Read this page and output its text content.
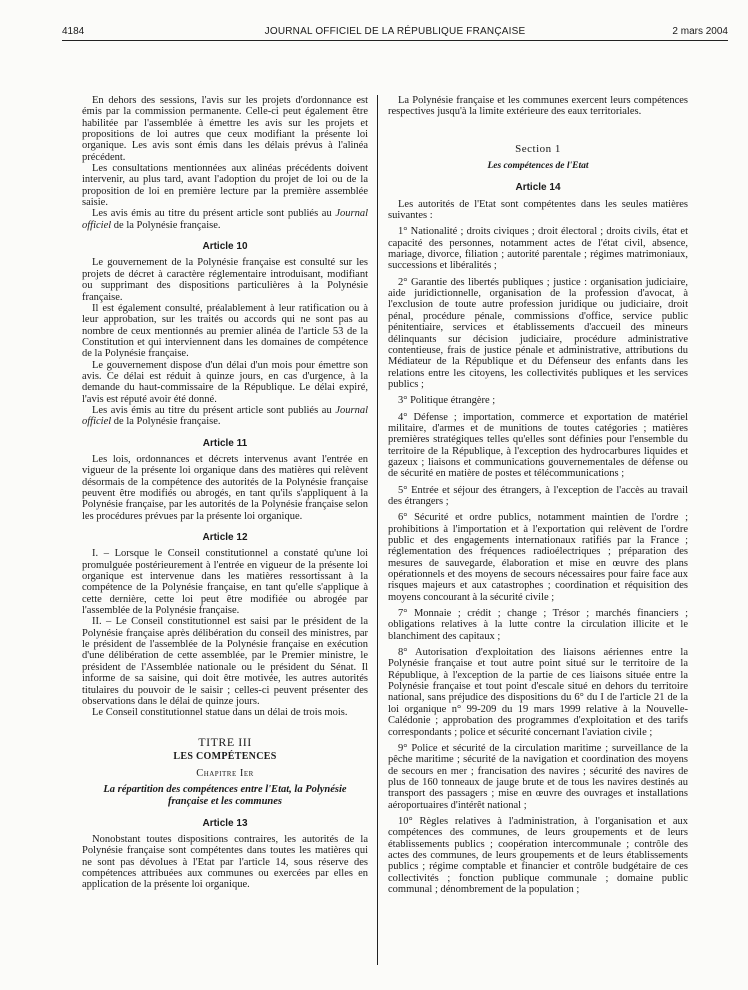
4184	JOURNAL OFFICIEL DE LA RÉPUBLIQUE FRANÇAISE	2 mars 2004

En dehors des sessions, l'avis sur les projets d'ordonnance est émis par la commission permanente. Celle-ci peut également être habilitée par l'assemblée à émettre les avis sur les projets et propositions de loi autres que ceux modifiant la présente loi organique. Les avis sont émis dans les délais prévus à l'alinéa précédent.

Les consultations mentionnées aux alinéas précédents doivent intervenir, au plus tard, avant l'adoption du projet de loi ou de la proposition de loi en première lecture par la première assemblée saisie.

Les avis émis au titre du présent article sont publiés au Journal officiel de la Polynésie française.

Article 10

Le gouvernement de la Polynésie française est consulté sur les projets de décret à caractère réglementaire introduisant, modifiant ou supprimant des dispositions particulières à la Polynésie française.

Il est également consulté, préalablement à leur ratification ou à leur approbation, sur les traités ou accords qui ne sont pas au nombre de ceux mentionnés au premier alinéa de l'article 53 de la Constitution et qui interviennent dans les domaines de compétence de la Polynésie française.

Le gouvernement dispose d'un délai d'un mois pour émettre son avis. Ce délai est réduit à quinze jours, en cas d'urgence, à la demande du haut-commissaire de la République. Le délai expiré, l'avis est réputé avoir été donné.

Les avis émis au titre du présent article sont publiés au Journal officiel de la Polynésie française.

Article 11

Les lois, ordonnances et décrets intervenus avant l'entrée en vigueur de la présente loi organique dans des matières qui relèvent désormais de la compétence des autorités de la Polynésie française peuvent être modifiés ou abrogés, en tant qu'ils s'appliquent à la Polynésie française, par les autorités de la Polynésie française selon les procédures prévues par la présente loi organique.

Article 12

I. – Lorsque le Conseil constitutionnel a constaté qu'une loi promulguée postérieurement à l'entrée en vigueur de la présente loi organique est intervenue dans les matières ressortissant à la compétence de la Polynésie française, en tant qu'elle s'applique à cette dernière, cette loi peut être modifiée ou abrogée par l'assemblée de la Polynésie française.

II. – Le Conseil constitutionnel est saisi par le président de la Polynésie française après délibération du conseil des ministres, par le président de l'assemblée de la Polynésie française en exécution d'une délibération de cette assemblée, par le Premier ministre, le président de l'Assemblée nationale ou le président du Sénat. Il informe de sa saisine, qui doit être motivée, les autres autorités titulaires du pouvoir de le saisir ; celles-ci peuvent présenter des observations dans le délai de quinze jours.

Le Conseil constitutionnel statue dans un délai de trois mois.

TITRE III
LES COMPÉTENCES
Chapitre Ier
La répartition des compétences entre l'Etat, la Polynésie française et les communes
Article 13

Nonobstant toutes dispositions contraires, les autorités de la Polynésie française sont compétentes dans toutes les matières qui ne sont pas dévolues à l'Etat par l'article 14, sous réserve des compétences attribuées aux communes ou exercées par elles en application de la présente loi organique.

La Polynésie française et les communes exercent leurs compétences respectives jusqu'à la limite extérieure des eaux territoriales.

Section 1
Les compétences de l'Etat
Article 14

Les autorités de l'Etat sont compétentes dans les seules matières suivantes :

1° Nationalité ; droits civiques ; droit électoral ; droits civils, état et capacité des personnes, notamment actes de l'état civil, absence, mariage, divorce, filiation ; autorité parentale ; régimes matrimoniaux, successions et libéralités ;

2° Garantie des libertés publiques ; justice : organisation judiciaire, aide juridictionnelle, organisation de la profession d'avocat, à l'exclusion de toute autre profession juridique ou judiciaire, droit pénal, procédure pénale, commissions d'office, service public pénitentiaire, services et établissements d'accueil des mineurs délinquants sur décision judiciaire, procédure administrative contentieuse, frais de justice pénale et administrative, attributions du Médiateur de la République et du Défenseur des enfants dans les relations entre les citoyens, les collectivités publiques et les services publics ;

3° Politique étrangère ;

4° Défense ; importation, commerce et exportation de matériel militaire, d'armes et de munitions de toutes catégories ; matières premières stratégiques telles qu'elles sont définies pour l'ensemble du territoire de la République, à l'exception des hydrocarbures liquides et gazeux ; liaisons et communications gouvernementales de défense ou de sécurité en matière de postes et télécommunications ;

5° Entrée et séjour des étrangers, à l'exception de l'accès au travail des étrangers ;

6° Sécurité et ordre publics, notamment maintien de l'ordre ; prohibitions à l'importation et à l'exportation qui relèvent de l'ordre public et des engagements internationaux ratifiés par la France ; réglementation des fréquences radioélectriques ; préparation des mesures de sauvegarde, élaboration et mise en œuvre des plans opérationnels et des moyens de secours nécessaires pour faire face aux risques majeurs et aux catastrophes ; coordination et réquisition des moyens concourant à la sécurité civile ;

7° Monnaie ; crédit ; change ; Trésor ; marchés financiers ; obligations relatives à la lutte contre la circulation illicite et le blanchiment des capitaux ;

8° Autorisation d'exploitation des liaisons aériennes entre la Polynésie française et tout autre point situé sur le territoire de la République, à l'exception de la partie de ces liaisons située entre la Polynésie française et tout point d'escale situé en dehors du territoire national, sans préjudice des dispositions du 6° du I de l'article 21 de la loi organique n° 99-209 du 19 mars 1999 relative à la Nouvelle-Calédonie ; approbation des programmes d'exploitation et des tarifs correspondants ; police et sécurité concernant l'aviation civile ;

9° Police et sécurité de la circulation maritime ; surveillance de la pêche maritime ; sécurité de la navigation et coordination des moyens de secours en mer ; francisation des navires ; sécurité des navires de plus de 160 tonneaux de jauge brute et de tous les navires destinés au transport des passagers ; mise en œuvre des ouvrages et installations aéroportuaires d'intérêt national ;

10° Règles relatives à l'administration, à l'organisation et aux compétences des communes, de leurs groupements et de leurs établissements publics ; coopération intercommunale ; contrôle des actes des communes, de leurs groupements et de leurs établissements publics ; régime comptable et financier et contrôle budgétaire de ces collectivités ; fonction publique communale ; domaine public communal ; dénombrement de la population ;
